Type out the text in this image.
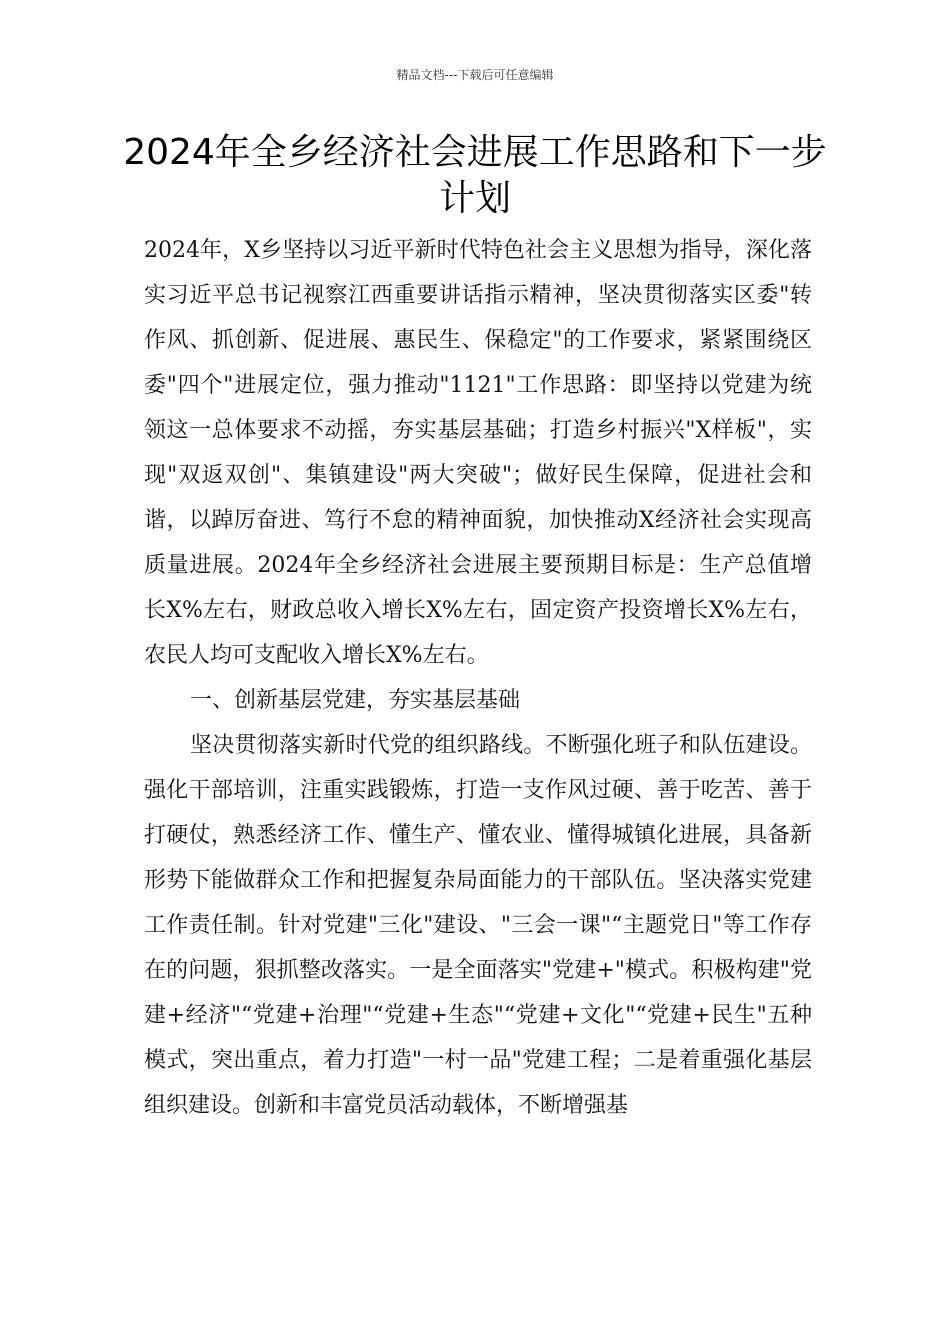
精品文档---下载后可任意编辑
2024年全乡经济社会进展工作思路和下一步计划

2024年，X乡坚持以习近平新时代特色社会主义思想为指导，深化落实习近平总书记视察江西重要讲话指示精神，坚决贯彻落实区委"转作风、抓创新、促进展、惠民生、保稳定"的工作要求，紧紧围绕区委"四个"进展定位，强力推动"1121"工作思路：即坚持以党建为统领这一总体要求不动摇，夯实基层基础；打造乡村振兴"X样板"，实现"双返双创"、集镇建设"两大突破"；做好民生保障，促进社会和谐，以踔厉奋进、笃行不怠的精神面貌，加快推动X经济社会实现高质量进展。2024年全乡经济社会进展主要预期目标是：生产总值增长X%左右，财政总收入增长X%左右，固定资产投资增长X%左右，农民人均可支配收入增长X%左右。

一、创新基层党建，夯实基层基础

坚决贯彻落实新时代党的组织路线。不断强化班子和队伍建设。强化干部培训，注重实践锻炼，打造一支作风过硬、善于吃苦、善于打硬仗，熟悉经济工作、懂生产、懂农业、懂得城镇化进展，具备新形势下能做群众工作和把握复杂局面能力的干部队伍。坚决落实党建工作责任制。针对党建"三化"建设、"三会一课"“主题党日"等工作存在的问题，狠抓整改落实。一是全面落实"党建+"模式。积极构建"党建+经济"“党建+治理"“党建+生态"“党建+文化"“党建+民生"五种模式，突出重点，着力打造"一村一品"党建工程；二是着重强化基层组织建设。创新和丰富党员活动载体，不断增强基
